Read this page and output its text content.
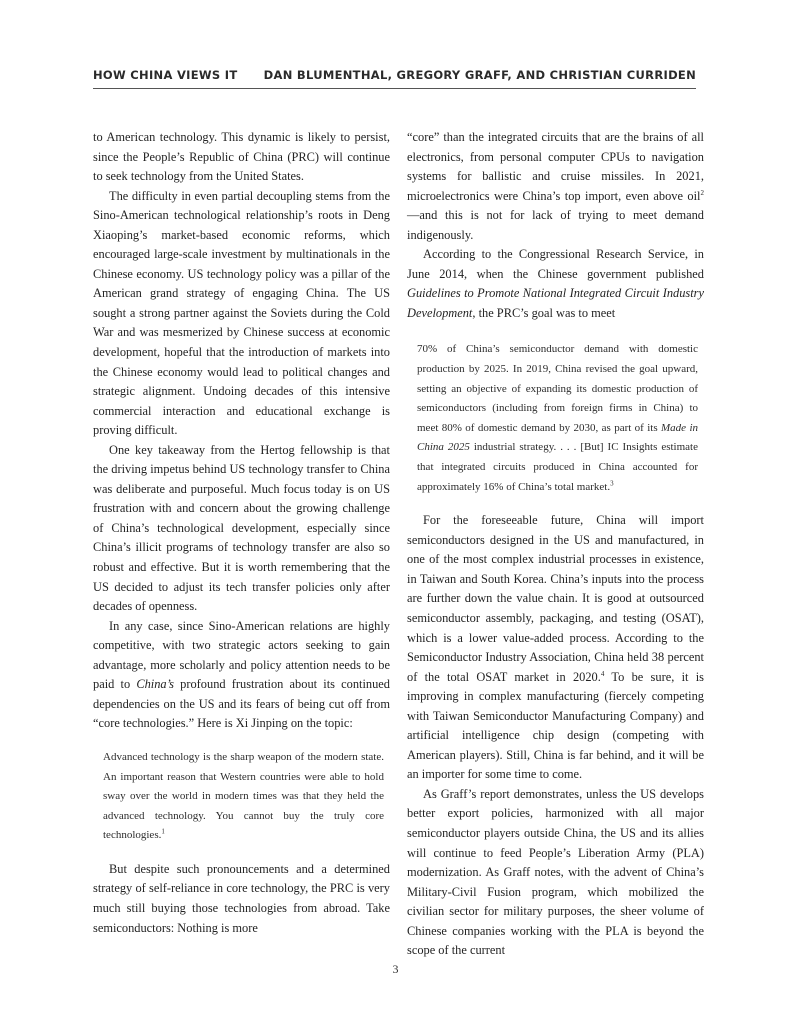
HOW CHINA VIEWS IT DAN BLUMENTHAL, GREGORY GRAFF, AND CHRISTIAN CURRIDEN

to American technology. This dynamic is likely to persist, since the People’s Republic of China (PRC) will continue to seek technology from the United States.

The difficulty in even partial decoupling stems from the Sino-American technological relationship’s roots in Deng Xiaoping’s market-based economic reforms, which encouraged large-scale investment by multinationals in the Chinese economy. US technology policy was a pillar of the American grand strategy of engaging China. The US sought a strong partner against the Soviets during the Cold War and was mesmerized by Chinese success at economic development, hopeful that the introduction of markets into the Chinese economy would lead to political changes and strategic alignment. Undoing decades of this intensive commercial interaction and educational exchange is proving difficult.

One key takeaway from the Hertog fellowship is that the driving impetus behind US technology transfer to China was deliberate and purposeful. Much focus today is on US frustration with and concern about the growing challenge of China’s technological development, especially since China’s illicit programs of technology transfer are also so robust and effective. But it is worth remembering that the US decided to adjust its tech transfer policies only after decades of openness.

In any case, since Sino-American relations are highly competitive, with two strategic actors seeking to gain advantage, more scholarly and policy attention needs to be paid to China’s profound frustration about its continued dependencies on the US and its fears of being cut off from “core technologies.” Here is Xi Jinping on the topic:

Advanced technology is the sharp weapon of the modern state. An important reason that Western countries were able to hold sway over the world in modern times was that they held the advanced technology. You cannot buy the truly core technologies.$^1$

But despite such pronouncements and a determined strategy of self-reliance in core technology, the PRC is very much still buying those technologies from abroad. Take semiconductors: Nothing is more

“core” than the integrated circuits that are the brains of all electronics, from personal computer CPUs to navigation systems for ballistic and cruise missiles. In 2021, microelectronics were China’s top import, even above oil$^2$—and this is not for lack of trying to meet demand indigenously.

According to the Congressional Research Service, in June 2014, when the Chinese government published Guidelines to Promote National Integrated Circuit Industry Development, the PRC’s goal was to meet

70% of China’s semiconductor demand with domestic production by 2025. In 2019, China revised the goal upward, setting an objective of expanding its domestic production of semiconductors (including from foreign firms in China) to meet 80% of domestic demand by 2030, as part of its Made in China 2025 industrial strategy. . . . [But] IC Insights estimate that integrated circuits produced in China accounted for approximately 16% of China’s total market.$^3$

For the foreseeable future, China will import semiconductors designed in the US and manufactured, in one of the most complex industrial processes in existence, in Taiwan and South Korea. China’s inputs into the process are further down the value chain. It is good at outsourced semiconductor assembly, packaging, and testing (OSAT), which is a lower value-added process. According to the Semiconductor Industry Association, China held 38 percent of the total OSAT market in 2020.$^4$ To be sure, it is improving in complex manufacturing (fiercely competing with Taiwan Semiconductor Manufacturing Company) and artificial intelligence chip design (competing with American players). Still, China is far behind, and it will be an importer for some time to come.

As Graff’s report demonstrates, unless the US develops better export policies, harmonized with all major semiconductor players outside China, the US and its allies will continue to feed People’s Liberation Army (PLA) modernization. As Graff notes, with the advent of China’s Military-Civil Fusion program, which mobilized the civilian sector for military purposes, the sheer volume of Chinese companies working with the PLA is beyond the scope of the current

3
